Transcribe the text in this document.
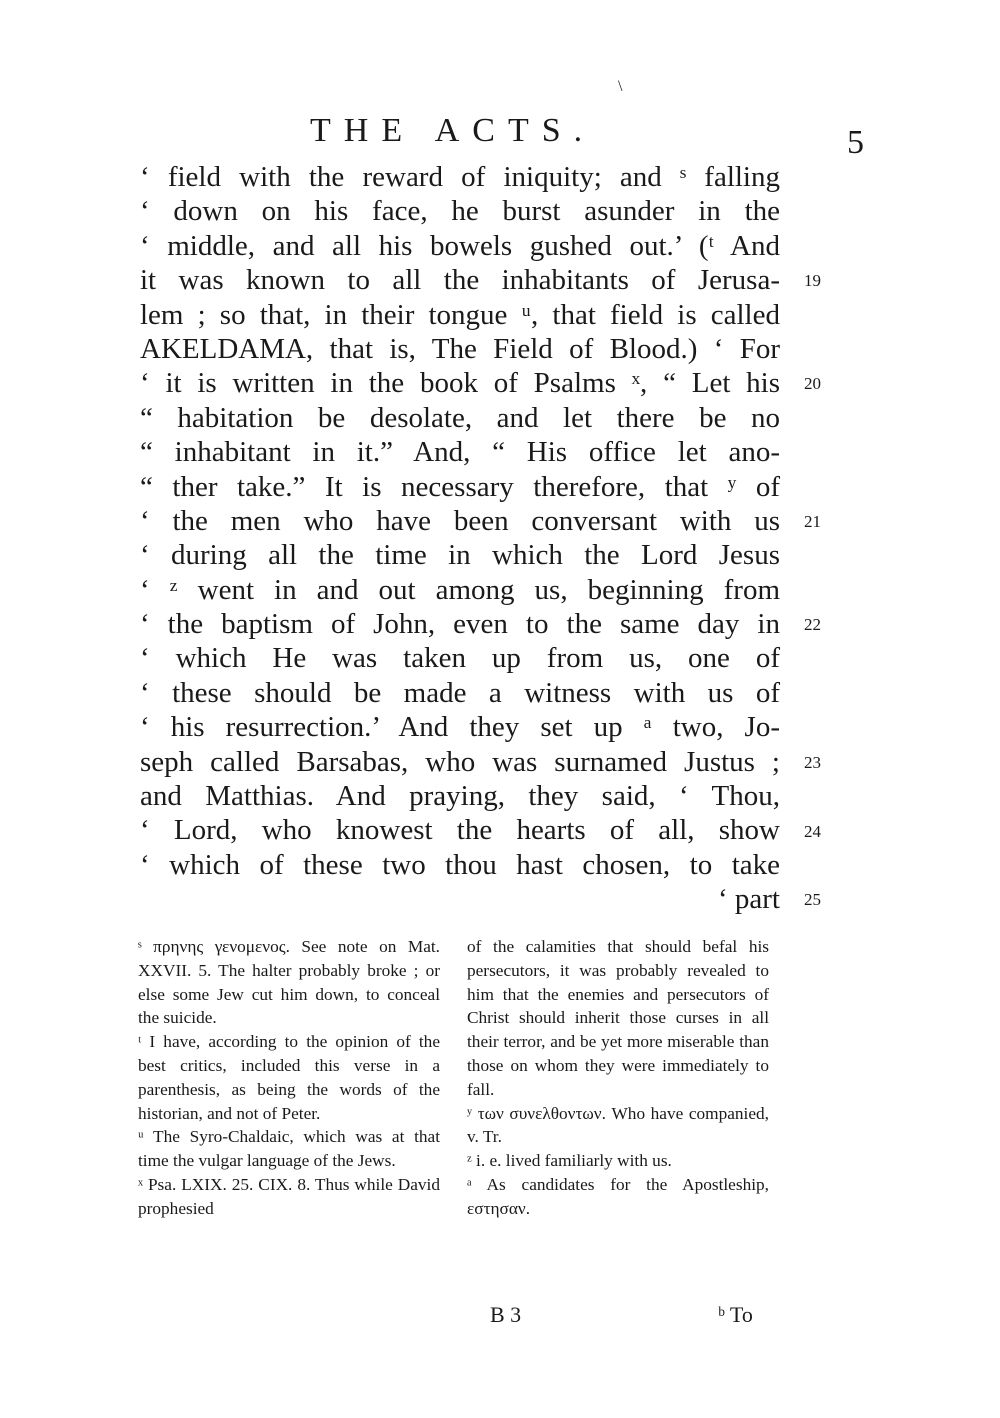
\
THE ACTS.	5
‘ field with the reward of iniquity; and ˢ falling
‘ down on his face, he burst asunder in the
‘ middle, and all his bowels gushed out.’ (ᵗ And
it was known to all the inhabitants of Jerusa-
lem ; so that, in their tongue ᵘ, that field is called
AKELDAMA, that is, The Field of Blood.) ‘ For
‘ it is written in the book of Psalms ˣ, “ Let his
“ habitation be desolate, and let there be no
“ inhabitant in it.” And, “ His office let ano-
“ ther take.” It is necessary therefore, that ʸ of
‘ the men who have been conversant with us
‘ during all the time in which the Lord Jesus
‘ ᶻ went in and out among us, beginning from
‘ the baptism of John, even to the same day in
‘ which He was taken up from us, one of
‘ these should be made a witness with us of
‘ his resurrection.’ And they set up ᵃ two, Jo-
seph called Barsabas, who was surnamed Justus ;
and Matthias. And praying, they said, ‘ Thou,
‘ Lord, who knowest the hearts of all, show
‘ which of these two thou hast chosen, to take
‘ part
19
20
21
22
23
24
25
ˢ πρηνης γενομενος. See note on Mat. XXVII. 5. The halter probably broke ; or else some Jew cut him down, to conceal the suicide.
ᵗ I have, according to the opinion of the best critics, included this verse in a parenthesis, as being the words of the historian, and not of Peter.
ᵘ The Syro-Chaldaic, which was at that time the vulgar language of the Jews.
ˣ Psa. LXIX. 25. CIX. 8. Thus while David prophesied
of the calamities that should befal his persecutors, it was probably revealed to him that the enemies and persecutors of Christ should inherit those curses in all their terror, and be yet more miserable than those on whom they were immediately to fall.
ʸ των συνελθοντων. Who have companied, v. Tr.
ᶻ i. e. lived familiarly with us.
ᵃ As candidates for the Apostleship, εστησαν.
B 3	ᵇ To
